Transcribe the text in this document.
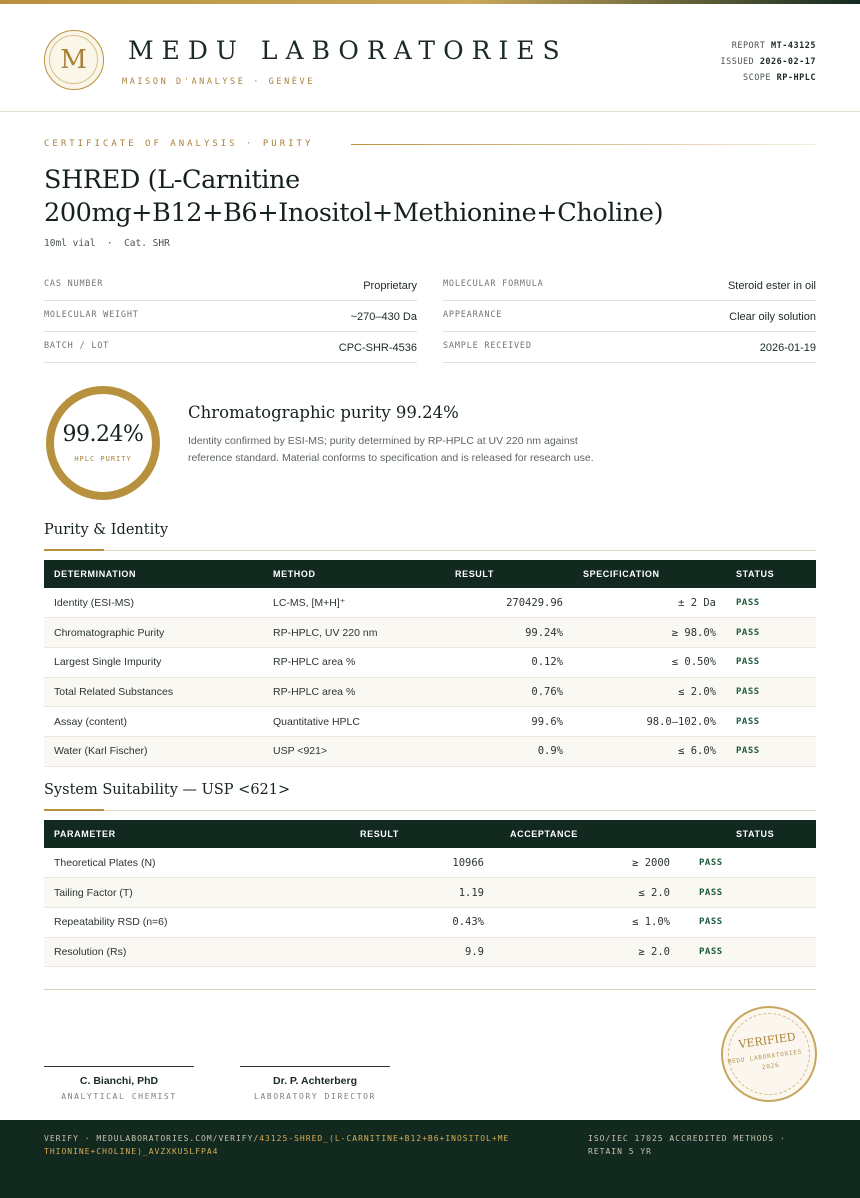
M	MEDU LABORATORIES
MAISON D'ANALYSE · GENÈVE
REPORT MT-43125
ISSUED 2026-02-17
SCOPE RP-HPLC
CERTIFICATE OF ANALYSIS · PURITY
SHRED (L-Carnitine 200mg+B12+B6+Inositol+Methionine+Choline)
10ml vial  ·  Cat. SHR
CAS NUMBER	Proprietary	MOLECULAR FORMULA	Steroid ester in oil
MOLECULAR WEIGHT	~270–430 Da	APPEARANCE	Clear oily solution
BATCH / LOT	CPC-SHR-4536	SAMPLE RECEIVED	2026-01-19
99.24%
HPLC PURITY
Chromatographic purity 99.24%
Identity confirmed by ESI-MS; purity determined by RP-HPLC at UV 220 nm against reference standard. Material conforms to specification and is released for research use.
Purity & Identity
DETERMINATION	METHOD	RESULT	SPECIFICATION	STATUS
Identity (ESI-MS)	LC-MS, [M+H]⁺	270429.96	± 2 Da	PASS
Chromatographic Purity	RP-HPLC, UV 220 nm	99.24%	≥ 98.0%	PASS
Largest Single Impurity	RP-HPLC area %	0.12%	≤ 0.50%	PASS
Total Related Substances	RP-HPLC area %	0.76%	≤ 2.0%	PASS
Assay (content)	Quantitative HPLC	99.6%	98.0–102.0%	PASS
Water (Karl Fischer)	USP <921>	0.9%	≤ 6.0%	PASS
System Suitability — USP <621>
PARAMETER	RESULT	ACCEPTANCE	STATUS
Theoretical Plates (N)	10966	≥ 2000	PASS
Tailing Factor (T)	1.19	≤ 2.0	PASS
Repeatability RSD (n=6)	0.43%	≤ 1.0%	PASS
Resolution (Rs)	9.9	≥ 2.0	PASS
C. Bianchi, PhD
ANALYTICAL CHEMIST
Dr. P. Achterberg
LABORATORY DIRECTOR
VERIFIED
MEDU LABORATORIES · 2026
VERIFY · MEDULABORATORIES.COM/VERIFY/43125-SHRED_(L-CARNITINE+B12+B6+INOSITOL+METHIONINE+CHOLINE)_AVZXKU5LFPA4
ISO/IEC 17025 ACCREDITED METHODS · RETAIN 5 YR
